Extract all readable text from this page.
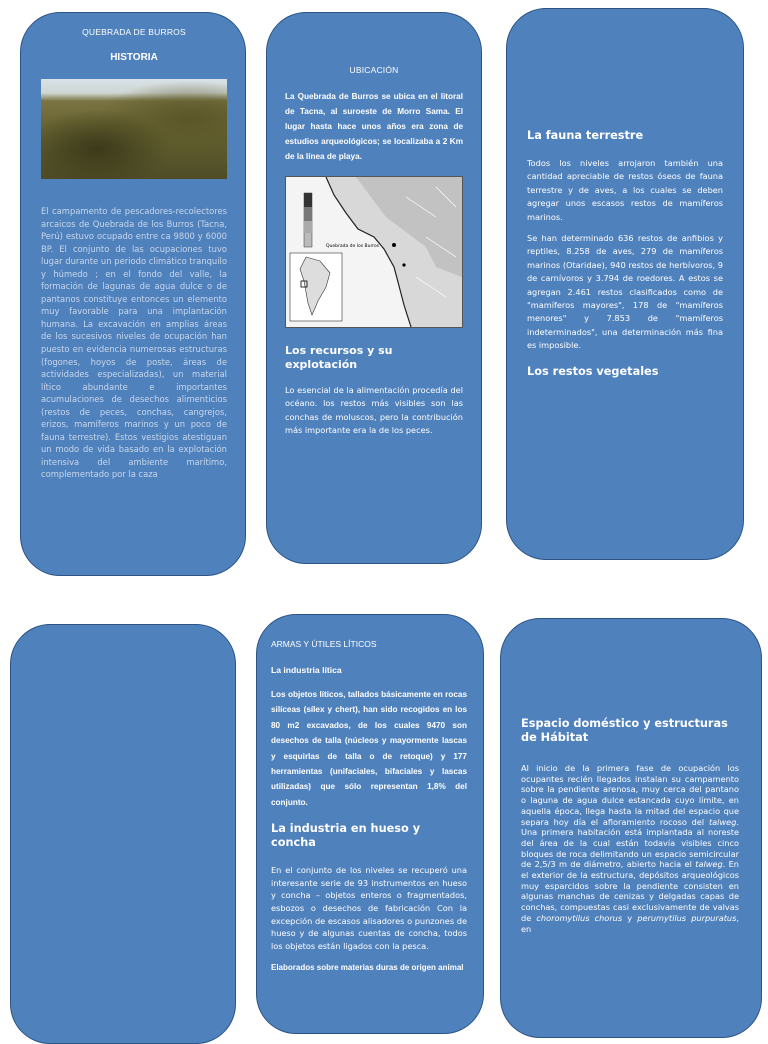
QUEBRADA DE BURROS
HISTORIA
El campamento de pescadores-recolectores arcaicos de Quebrada de los Burros (Tacna, Perú) estuvo ocupado entre ca 9800 y 6000 BP. El conjunto de las ocupaciones tuvo lugar durante un periodo climático tranquilo y húmedo ; en el fondo del valle, la formación de lagunas de agua dulce o de pantanos constituye entonces un elemento muy favorable para una implantación humana. La excavación en amplias áreas de los sucesivos niveles de ocupación han puesto en evidencia numerosas estructuras (fogones, hoyos de poste, áreas de actividades especializadas), un material lítico abundante e importantes acumulaciones de desechos alimenticios (restos de peces, conchas, cangrejos, erizos, mamíferos marinos y un poco de fauna terrestre). Estos vestigios atestiguan un modo de vida basado en la explotación intensiva del ambiente marítimo, complementado por la caza
UBICACIÓN
La Quebrada de Burros se ubica en el litoral de Tacna, al suroeste de Morro Sama. El lugar hasta hace unos años era zona de estudios arqueológicos; se localizaba a 2 Km de la línea de playa.
Quebrada de los Burros
Los recursos y su explotación
Lo esencial de la alimentación procedía del océano. los restos más visibles son las conchas de moluscos, pero la contribución más importante era la de los peces.
La fauna terrestre
Todos los niveles arrojaron también una cantidad apreciable de restos óseos de fauna terrestre y de aves, a los cuales se deben agregar unos escasos restos de mamíferos marinos.
Se han determinado 636 restos de anfibios y reptiles, 8.258 de aves, 279 de mamíferos marinos (Otaridae), 940 restos de herbívoros, 9 de carnívoros y 3.794 de roedores. A estos se agregan 2.461 restos clasificados como de "mamíferos mayores", 178 de "mamíferos menores" y 7.853 de "mamíferos indeterminados", una determinación más fina es imposible.
Los restos vegetales
ARMAS Y ÚTILES LÍTICOS
La industria lítica
Los objetos líticos, tallados básicamente en rocas silíceas (sílex y chert), han sido recogidos en los 80 m2 excavados, de los cuales 9470 son desechos de talla (núcleos y mayormente lascas y esquirlas de talla o de retoque) y 177 herramientas (unifaciales, bifaciales y lascas utilizadas) que sólo representan 1,8% del conjunto.
La industria en hueso y concha
En el conjunto de los niveles se recuperó una interesante serie de 93 instrumentos en hueso y concha – objetos enteros o fragmentados, esbozos o desechos de fabricación Con la excepción de escasos alisadores o punzones de hueso y de algunas cuentas de concha, todos los objetos están ligados con la pesca.
Elaborados sobre materias duras de origen animal
Espacio doméstico y estructuras de Hábitat
Al inicio de la primera fase de ocupación los ocupantes recién llegados instalan su campamento sobre la pendiente arenosa, muy cerca del pantano o laguna de agua dulce estancada cuyo límite, en aquella época, llega hasta la mitad del espacio que separa hoy día el afloramiento rocoso del talweg. Una primera habitación está implantada al noreste del área de la cual están todavía visibles cinco bloques de roca delimitando un espacio semicircular de 2,5/3 m de diámetro, abierto hacia el talweg. En el exterior de la estructura, depósitos arqueológicos muy esparcidos sobre la pendiente consisten en algunas manchas de cenizas y delgadas capas de conchas, compuestas casi exclusivamente de valvas de choromytilus chorus y perumytilus purpuratus, en
